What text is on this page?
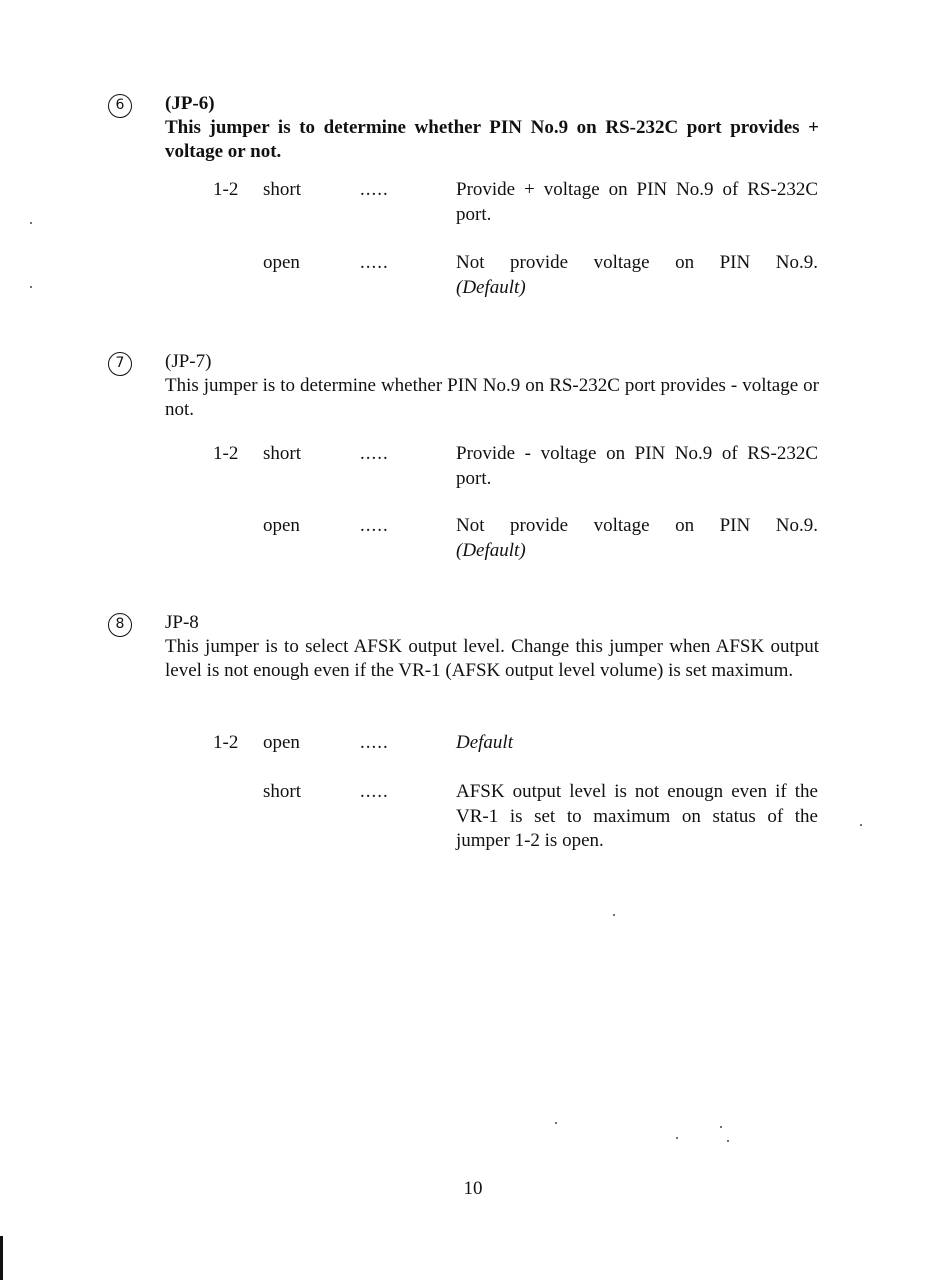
6	(JP-6)
This jumper is to determine whether PIN No.9 on RS-232C port provides + voltage or not.
1-2 short	.....	Provide + voltage on PIN No.9 of RS-232C port.
open	.....	Not provide voltage on PIN No.9.
(Default)
7	(JP-7)
This jumper is to determine whether PIN No.9 on RS-232C port provides - voltage or not.
1-2 short	.....	Provide - voltage on PIN No.9 of RS-232C port.
open	.....	Not provide voltage on PIN No.9.
(Default)
8	JP-8
This jumper is to select AFSK output level. Change this jumper when AFSK output level is not enough even if the VR-1 (AFSK output level volume) is set maximum.
1-2 open	.....	Default
short	.....	AFSK output level is not enougn even if the VR-1 is set to maximum on status of the jumper 1-2 is open.
10
